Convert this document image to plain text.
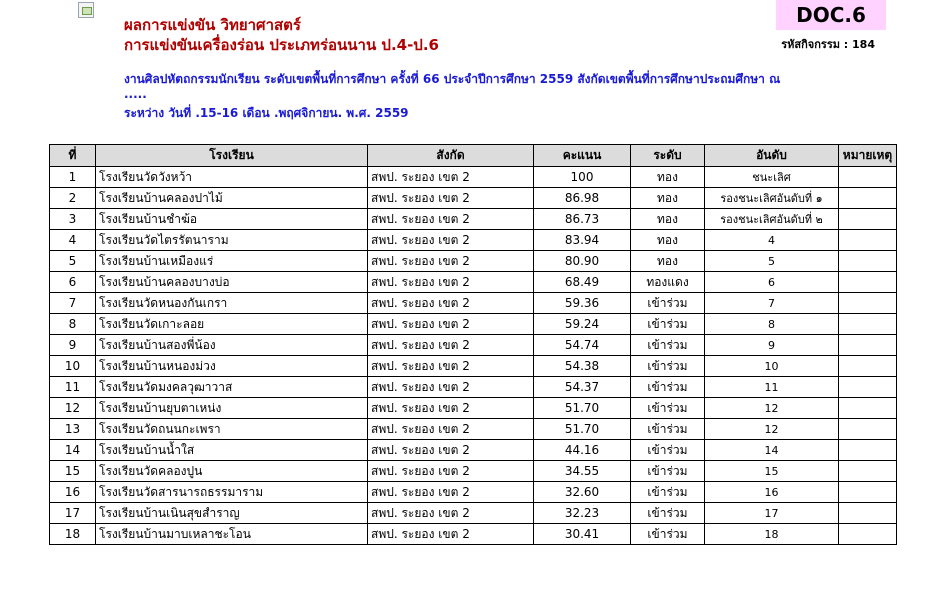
ผลการแข่งขัน วิทยาศาสตร์
การแข่งขันเครื่องร่อน ประเภทร่อนนาน ป.4-ป.6
DOC.6
รหัสกิจกรรม : 184
งานศิลปหัตถกรรมนักเรียน ระดับเขตพื้นที่การศึกษา ครั้งที่ 66 ประจำปีการศึกษา 2559 สังกัดเขตพื้นที่การศึกษาประถมศึกษา ณ .....
ระหว่าง วันที่ .15-16 เดือน .พฤศจิกายน. พ.ศ. 2559
ที่	โรงเรียน	สังกัด	คะแนน	ระดับ	อันดับ	หมายเหตุ
1	โรงเรียนวัดวังหว้า	สพป. ระยอง เขต 2	100	ทอง	ชนะเลิศ	
2	โรงเรียนบ้านคลองปาไม้	สพป. ระยอง เขต 2	86.98	ทอง	รองชนะเลิศอันดับที่ ๑	
3	โรงเรียนบ้านชำฆ้อ	สพป. ระยอง เขต 2	86.73	ทอง	รองชนะเลิศอันดับที่ ๒	
4	โรงเรียนวัดไตรรัตนาราม	สพป. ระยอง เขต 2	83.94	ทอง	4	
5	โรงเรียนบ้านเหมืองแร่	สพป. ระยอง เขต 2	80.90	ทอง	5	
6	โรงเรียนบ้านคลองบางบ่อ	สพป. ระยอง เขต 2	68.49	ทองแดง	6	
7	โรงเรียนวัดหนองกันเกรา	สพป. ระยอง เขต 2	59.36	เข้าร่วม	7	
8	โรงเรียนวัดเกาะลอย	สพป. ระยอง เขต 2	59.24	เข้าร่วม	8	
9	โรงเรียนบ้านสองพี่น้อง	สพป. ระยอง เขต 2	54.74	เข้าร่วม	9	
10	โรงเรียนบ้านหนองม่วง	สพป. ระยอง เขต 2	54.38	เข้าร่วม	10	
11	โรงเรียนวัดมงคลวุฒาวาส	สพป. ระยอง เขต 2	54.37	เข้าร่วม	11	
12	โรงเรียนบ้านยุบตาเหน่ง	สพป. ระยอง เขต 2	51.70	เข้าร่วม	12	
13	โรงเรียนวัดถนนกะเพรา	สพป. ระยอง เขต 2	51.70	เข้าร่วม	12	
14	โรงเรียนบ้านน้ำใส	สพป. ระยอง เขต 2	44.16	เข้าร่วม	14	
15	โรงเรียนวัดคลองปูน	สพป. ระยอง เขต 2	34.55	เข้าร่วม	15	
16	โรงเรียนวัดสารนารถธรรมาราม	สพป. ระยอง เขต 2	32.60	เข้าร่วม	16	
17	โรงเรียนบ้านเนินสุขสำราญ	สพป. ระยอง เขต 2	32.23	เข้าร่วม	17	
18	โรงเรียนบ้านมาบเหลาชะโอน	สพป. ระยอง เขต 2	30.41	เข้าร่วม	18	
